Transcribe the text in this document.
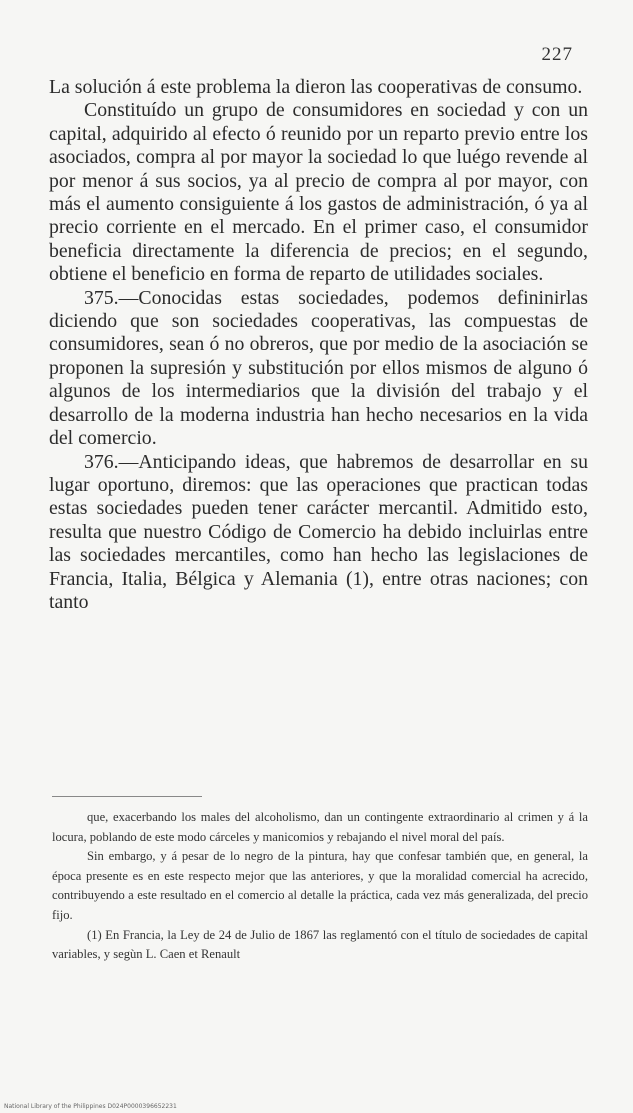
227

La solución á este problema la dieron las cooperativas de consumo.

Constituído un grupo de consumidores en sociedad y con un capital, adquirido al efecto ó reunido por un reparto previo entre los asociados, compra al por mayor la sociedad lo que luégo revende al por menor á sus socios, ya al precio de compra al por mayor, con más el aumento consiguiente á los gastos de administración, ó ya al precio corriente en el mercado. En el primer caso, el consumidor beneficia directamente la diferencia de precios; en el segundo, obtiene el beneficio en forma de reparto de utilidades sociales.

375.—Conocidas estas sociedades, podemos defininirlas diciendo que son sociedades cooperativas, las compuestas de consumidores, sean ó no obreros, que por medio de la asociación se proponen la supresión y substitución por ellos mismos de alguno ó algunos de los intermediarios que la división del trabajo y el desarrollo de la moderna industria han hecho necesarios en la vida del comercio.

376.—Anticipando ideas, que habremos de desarrollar en su lugar oportuno, diremos: que las operaciones que practican todas estas sociedades pueden tener carácter mercantil. Admitido esto, resulta que nuestro Código de Comercio ha debido incluirlas entre las sociedades mercantiles, como han hecho las legislaciones de Francia, Italia, Bélgica y Alemania (1), entre otras naciones; con tanto

que, exacerbando los males del alcoholismo, dan un contingente extraordinario al crimen y á la locura, poblando de este modo cárceles y manicomios y rebajando el nivel moral del país.

Sin embargo, y á pesar de lo negro de la pintura, hay que confesar también que, en general, la época presente es en este respecto mejor que las anteriores, y que la moralidad comercial ha acrecido, contribuyendo a este resultado en el comercio al detalle la práctica, cada vez más generalizada, del precio fijo.

(1) En Francia, la Ley de 24 de Julio de 1867 las reglamentó con el título de sociedades de capital variables, y segùn L. Caen et Renault

National Library of the Philippines D024P0000396652231
